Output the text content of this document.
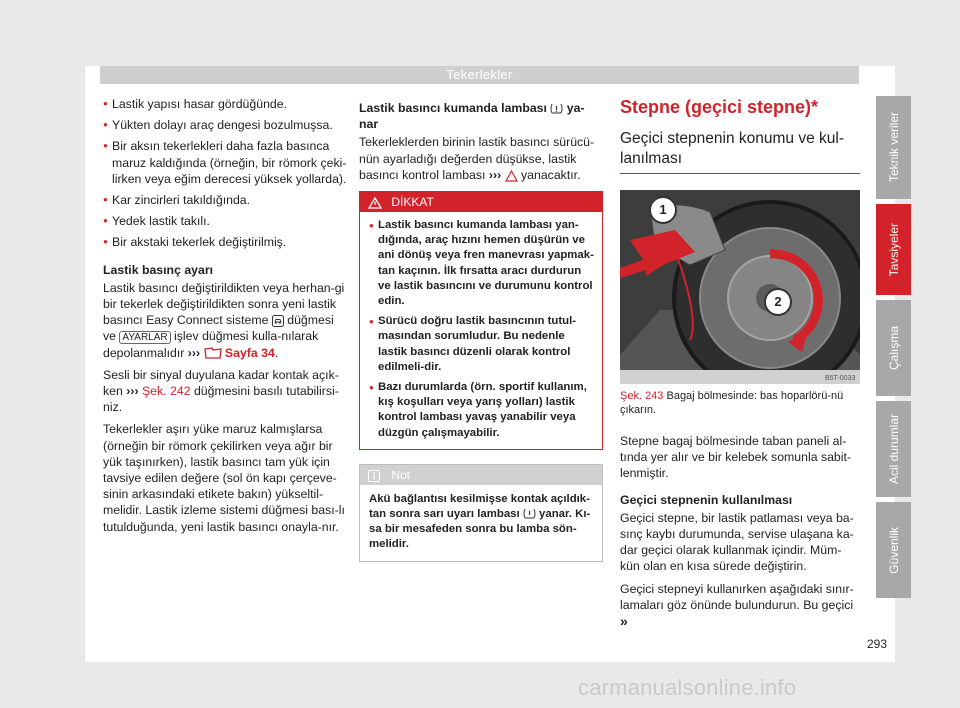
Tekerlekler
● Lastik yapısı hasar gördüğünde.
● Yükten dolayı araç dengesi bozulmuşsa.
● Bir aksın tekerlekleri daha fazla basınca maruz kaldığında (örneğin, bir römork çeki-lirken veya eğim derecesi yüksek yollarda).
● Kar zincirleri takıldığında.
● Yedek lastik takılı.
● Bir akstaki tekerlek değiştirilmiş.

Lastik basınç ayarı

Lastik basıncı değiştirildikten veya herhan-gi bir tekerlek değiştirildikten sonra yeni lastik basıncı Easy Connect sisteme düğmesi ve AYARLAR işlev düğmesi kulla-nılarak depolanmalıdır ››› Sayfa 34.

Sesli bir sinyal duyulana kadar kontak açık-ken ››› Şek. 242 düğmesini basılı tutabilirsi-niz.

Tekerlekler aşırı yüke maruz kalmışlarsa (örneğin bir römork çekilirken veya ağır bir yük taşınırken), lastik basıncı tam yük için tavsiye edilen değere (sol ön kapı çerçeve-sinin arkasındaki etikete bakın) yükseltil-melidir. Lastik izleme sistemi düğmesi bası-lı tutulduğunda, yeni lastik basıncı onayla-nır.

Lastik basıncı kumanda lambası ya-nar

Tekerleklerden birinin lastik basıncı sürücü-nün ayarladığı değerden düşükse, lastik basıncı kontrol lambası ››› yanacaktır.

DİKKAT
● Lastik basıncı kumanda lambası yan-dığında, araç hızını hemen düşürün ve ani dönüş veya fren manevrası yapmak-tan kaçının. İlk fırsatta aracı durdurun ve lastik basıncını ve durumunu kontrol edin.
● Sürücü doğru lastik basıncının tutul-masından sorumludur. Bu nedenle lastik basıncı düzenli olarak kontrol edilmeli-dir.
● Bazı durumlarda (örn. sportif kullanım, kış koşulları veya yarış yolları) lastik kontrol lambası yavaş yanabilir veya düzgün çalışmayabilir.
Not
Akü bağlantısı kesilmişse kontak açıldık-tan sonra sarı uyarı lambası yanar. Kı-sa bir mesafeden sonra bu lamba sön-melidir.
Stepne (geçici stepne)*
Geçici stepnenin konumu ve kul-lanılması
B5T-0033
1
2
Şek. 243 Bagaj bölmesinde: bas hoparlörü-nü çıkarın.

Stepne bagaj bölmesinde taban paneli al-tında yer alır ve bir kelebek somunla sabit-lenmiştir.

Geçici stepnenin kullanılması

Geçici stepne, bir lastik patlaması veya ba-sınç kaybı durumunda, servise ulaşana ka-dar geçici olarak kullanmak içindir. Müm-kün olan en kısa sürede değiştirin.

Geçici stepneyi kullanırken aşağıdaki sınır-lamaları göz önünde bulundurun. Bu geçici »

Teknik veriler
Tavsiyeler
Çalışma
Acil durumlar
Güvenlik
293
carmanualsonline.info
